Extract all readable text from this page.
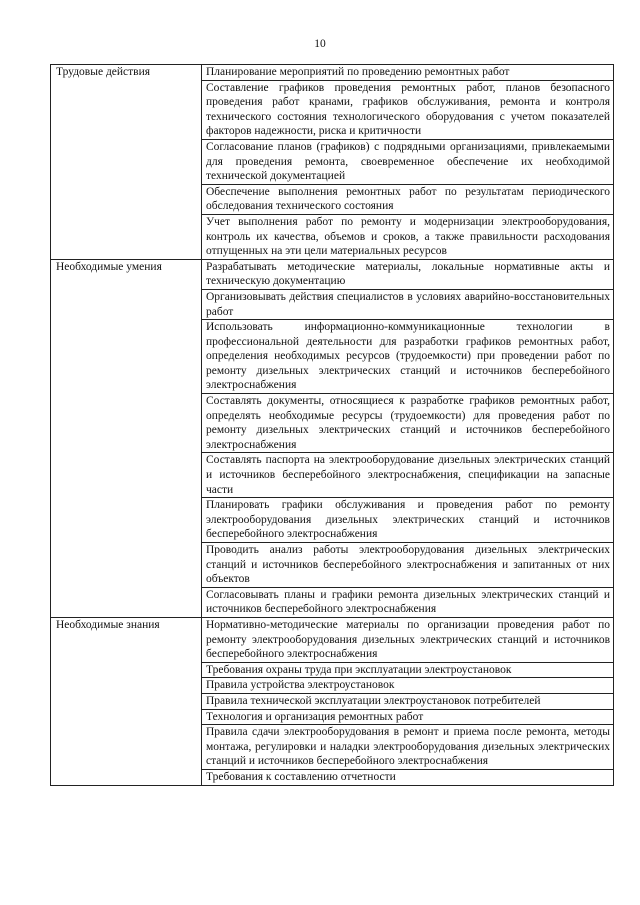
10
Трудовые действия	Планирование мероприятий по проведению ремонтных работ
	Составление графиков проведения ремонтных работ, планов безопасного проведения работ кранами, графиков обслуживания, ремонта и контроля технического состояния технологического оборудования с учетом показателей факторов надежности, риска и критичности
	Согласование планов (графиков) с подрядными организациями, привлекаемыми для проведения ремонта, своевременное обеспечение их необходимой технической документацией
	Обеспечение выполнения ремонтных работ по результатам периодического обследования технического состояния
	Учет выполнения работ по ремонту и модернизации электрооборудования, контроль их качества, объемов и сроков, а также правильности расходования отпущенных на эти цели материальных ресурсов
Необходимые умения	Разрабатывать методические материалы, локальные нормативные акты и техническую документацию
	Организовывать действия специалистов в условиях аварийно-восстановительных работ
	Использовать информационно-коммуникационные технологии в профессиональной деятельности для разработки графиков ремонтных работ, определения необходимых ресурсов (трудоемкости) при проведении работ по ремонту дизельных электрических станций и источников бесперебойного электроснабжения
	Составлять документы, относящиеся к разработке графиков ремонтных работ, определять необходимые ресурсы (трудоемкости) для проведения работ по ремонту дизельных электрических станций и источников бесперебойного электроснабжения
	Составлять паспорта на электрооборудование дизельных электрических станций и источников бесперебойного электроснабжения, спецификации на запасные части
	Планировать графики обслуживания и проведения работ по ремонту электрооборудования дизельных электрических станций и источников бесперебойного электроснабжения
	Проводить анализ работы электрооборудования дизельных электрических станций и источников бесперебойного электроснабжения и запитанных от них объектов
	Согласовывать планы и графики ремонта дизельных электрических станций и источников бесперебойного электроснабжения
Необходимые знания	Нормативно-методические материалы по организации проведения работ по ремонту электрооборудования дизельных электрических станций и источников бесперебойного электроснабжения
	Требования охраны труда при эксплуатации электроустановок
	Правила устройства электроустановок
	Правила технической эксплуатации электроустановок потребителей
	Технология и организация ремонтных работ
	Правила сдачи электрооборудования в ремонт и приема после ремонта, методы монтажа, регулировки и наладки электрооборудования дизельных электрических станций и источников бесперебойного электроснабжения
	Требования к составлению отчетности
